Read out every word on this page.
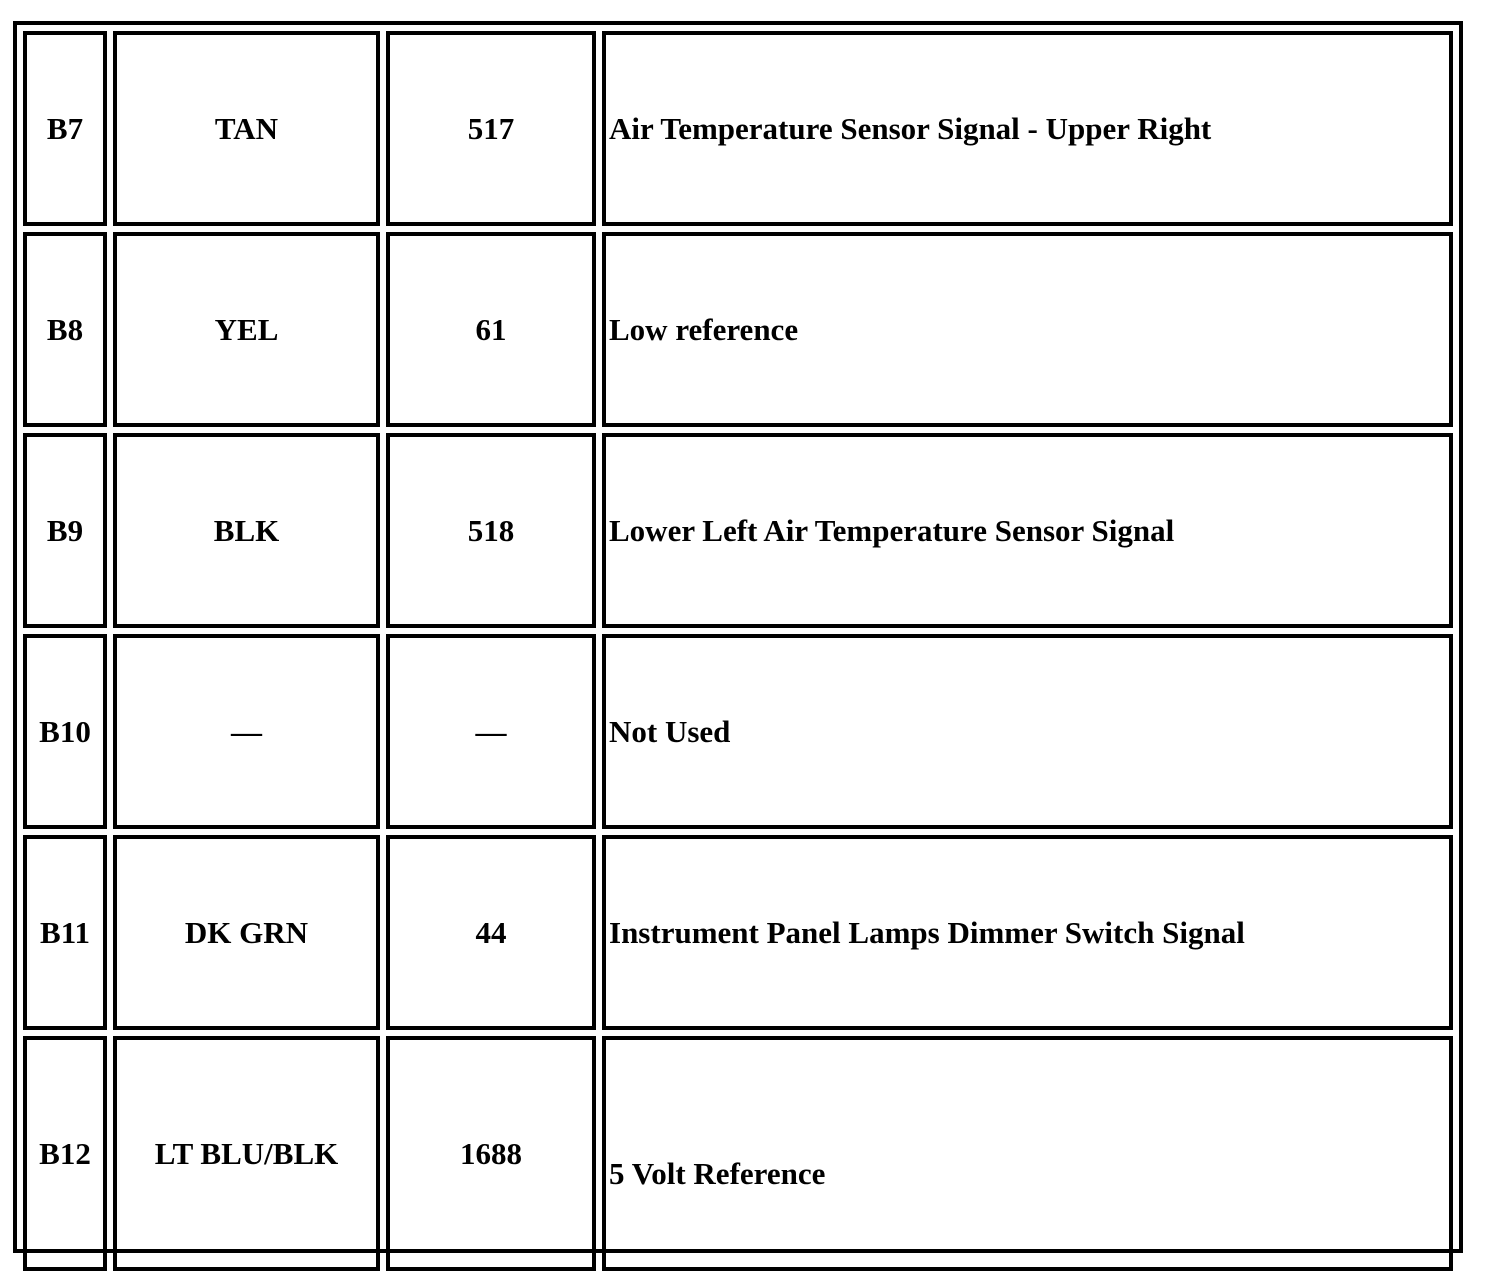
B7	TAN	517	Air Temperature Sensor Signal - Upper Right
B8	YEL	61	Low reference
B9	BLK	518	Lower Left Air Temperature Sensor Signal
B10	—	—	Not Used
B11	DK GRN	44	Instrument Panel Lamps Dimmer Switch Signal
B12	LT BLU/BLK	1688	5 Volt Reference
